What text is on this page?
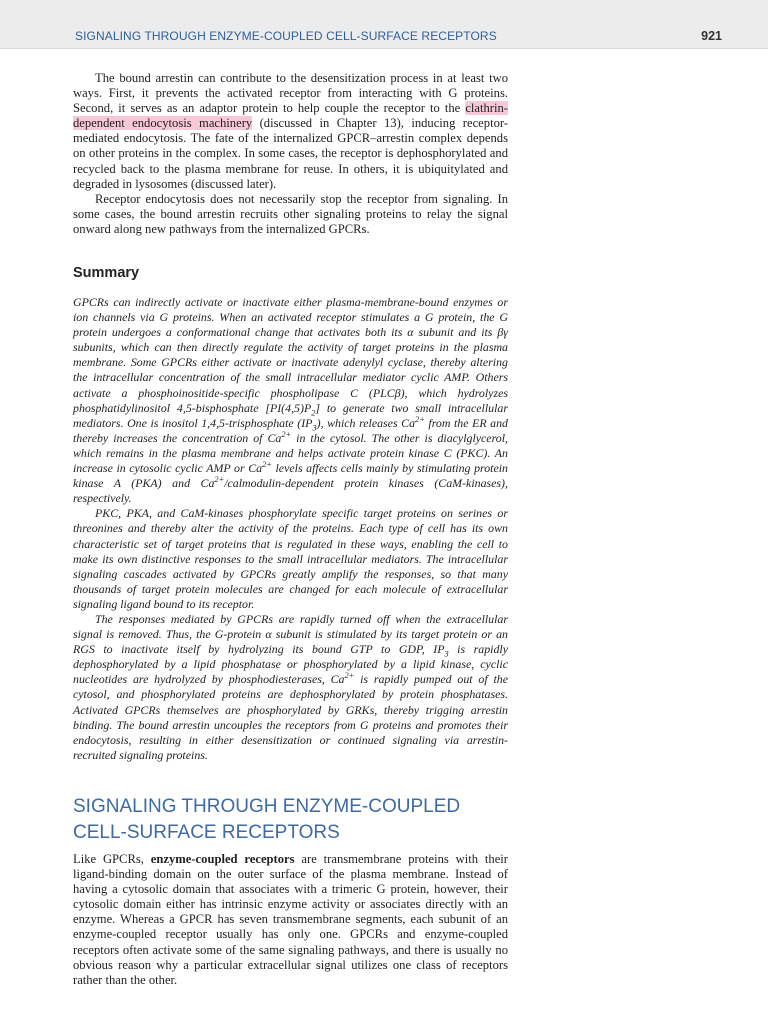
SIGNALING THROUGH ENZYME-COUPLED CELL-SURFACE RECEPTORS	921

The bound arrestin can contribute to the desensitization process in at least two ways. First, it prevents the activated receptor from interacting with G proteins. Second, it serves as an adaptor protein to help couple the receptor to the clathrin-dependent endocytosis machinery (discussed in Chapter 13), inducing receptor-mediated endocytosis. The fate of the internalized GPCR–arrestin complex depends on other proteins in the complex. In some cases, the receptor is dephosphorylated and recycled back to the plasma membrane for reuse. In others, it is ubiquitylated and degraded in lysosomes (discussed later).

Receptor endocytosis does not necessarily stop the receptor from signaling. In some cases, the bound arrestin recruits other signaling proteins to relay the signal onward along new pathways from the internalized GPCRs.

Summary

GPCRs can indirectly activate or inactivate either plasma-membrane-bound enzymes or ion channels via G proteins. When an activated receptor stimulates a G protein, the G protein undergoes a conformational change that activates both its α subunit and its βγ subunits, which can then directly regulate the activity of target proteins in the plasma membrane. Some GPCRs either activate or inactivate adenylyl cyclase, thereby altering the intracellular concentration of the small intracellular mediator cyclic AMP. Others activate a phosphoinositide-specific phospholipase C (PLCβ), which hydrolyzes phosphatidylinositol 4,5-bisphosphate $[PI(4,5)P_2]$ to generate two small intracellular mediators. One is inositol 1,4,5-trisphosphate $(IP_3)$, which releases $Ca^{2+}$ from the ER and thereby increases the concentration of $Ca^{2+}$ in the cytosol. The other is diacylglycerol, which remains in the plasma membrane and helps activate protein kinase C (PKC). An increase in cytosolic cyclic AMP or $Ca^{2+}$ levels affects cells mainly by stimulating protein kinase A (PKA) and $Ca^{2+}/calmodulin$-dependent protein kinases (CaM-kinases), respectively.

PKC, PKA, and CaM-kinases phosphorylate specific target proteins on serines or threonines and thereby alter the activity of the proteins. Each type of cell has its own characteristic set of target proteins that is regulated in these ways, enabling the cell to make its own distinctive responses to the small intracellular mediators. The intracellular signaling cascades activated by GPCRs greatly amplify the responses, so that many thousands of target protein molecules are changed for each molecule of extracellular signaling ligand bound to its receptor.

The responses mediated by GPCRs are rapidly turned off when the extracellular signal is removed. Thus, the G-protein α subunit is stimulated by its target protein or an RGS to inactivate itself by hydrolyzing its bound GTP to GDP, $IP_3$ is rapidly dephosphorylated by a lipid phosphatase or phosphorylated by a lipid kinase, cyclic nucleotides are hydrolyzed by phosphodiesterases, $Ca^{2+}$ is rapidly pumped out of the cytosol, and phosphorylated proteins are dephosphorylated by protein phosphatases. Activated GPCRs themselves are phosphorylated by GRKs, thereby trigging arrestin binding. The bound arrestin uncouples the receptors from G proteins and promotes their endocytosis, resulting in either desensitization or continued signaling via arrestin-recruited signaling proteins.

SIGNALING THROUGH ENZYME-COUPLED
CELL-SURFACE RECEPTORS

Like GPCRs, enzyme-coupled receptors are transmembrane proteins with their ligand-binding domain on the outer surface of the plasma membrane. Instead of having a cytosolic domain that associates with a trimeric G protein, however, their cytosolic domain either has intrinsic enzyme activity or associates directly with an enzyme. Whereas a GPCR has seven transmembrane segments, each subunit of an enzyme-coupled receptor usually has only one. GPCRs and enzyme-coupled receptors often activate some of the same signaling pathways, and there is usually no obvious reason why a particular extracellular signal utilizes one class of receptors rather than the other.
